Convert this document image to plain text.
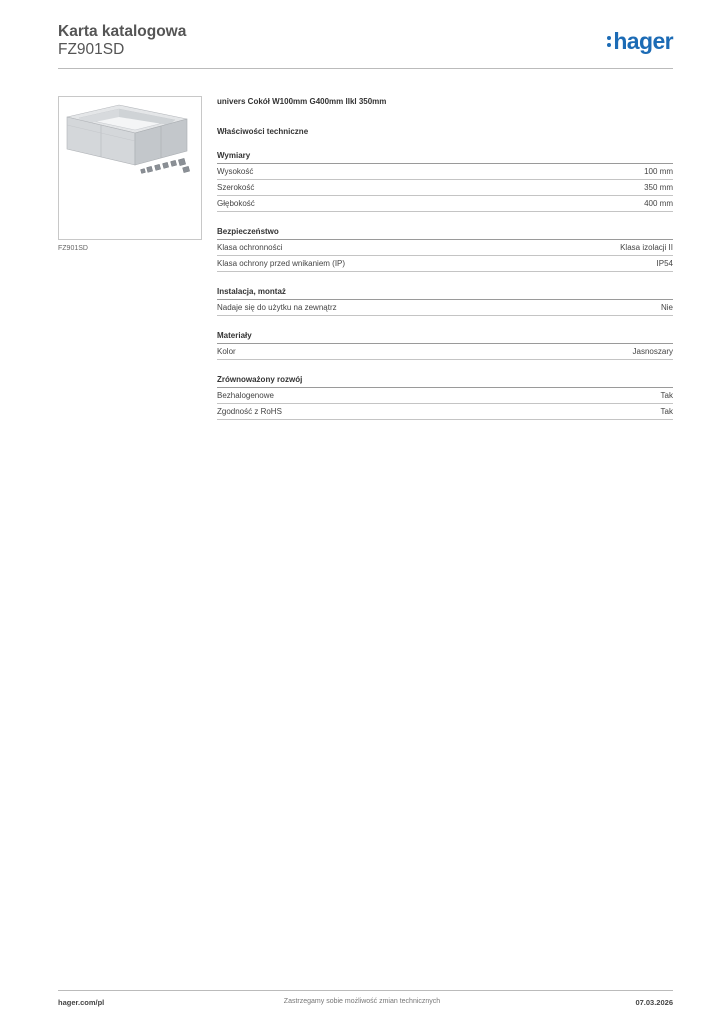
Karta katalogowa
FZ901SD	hager
FZ901SD
univers Cokół W100mm G400mm llkl 350mm
Właściwości techniczne
Wymiary
Wysokość	100 mm
Szerokość	350 mm
Głębokość	400 mm
Bezpieczeństwo
Klasa ochronności	Klasa izolacji II
Klasa ochrony przed wnikaniem (IP)	IP54
Instalacja, montaż
Nadaje się do użytku na zewnątrz	Nie
Materiały
Kolor	Jasnoszary
Zrównoważony rozwój
Bezhalogenowe	Tak
Zgodność z RoHS	Tak
hager.com/pl	Zastrzegamy sobie możliwość zmian technicznych	07.03.2026
